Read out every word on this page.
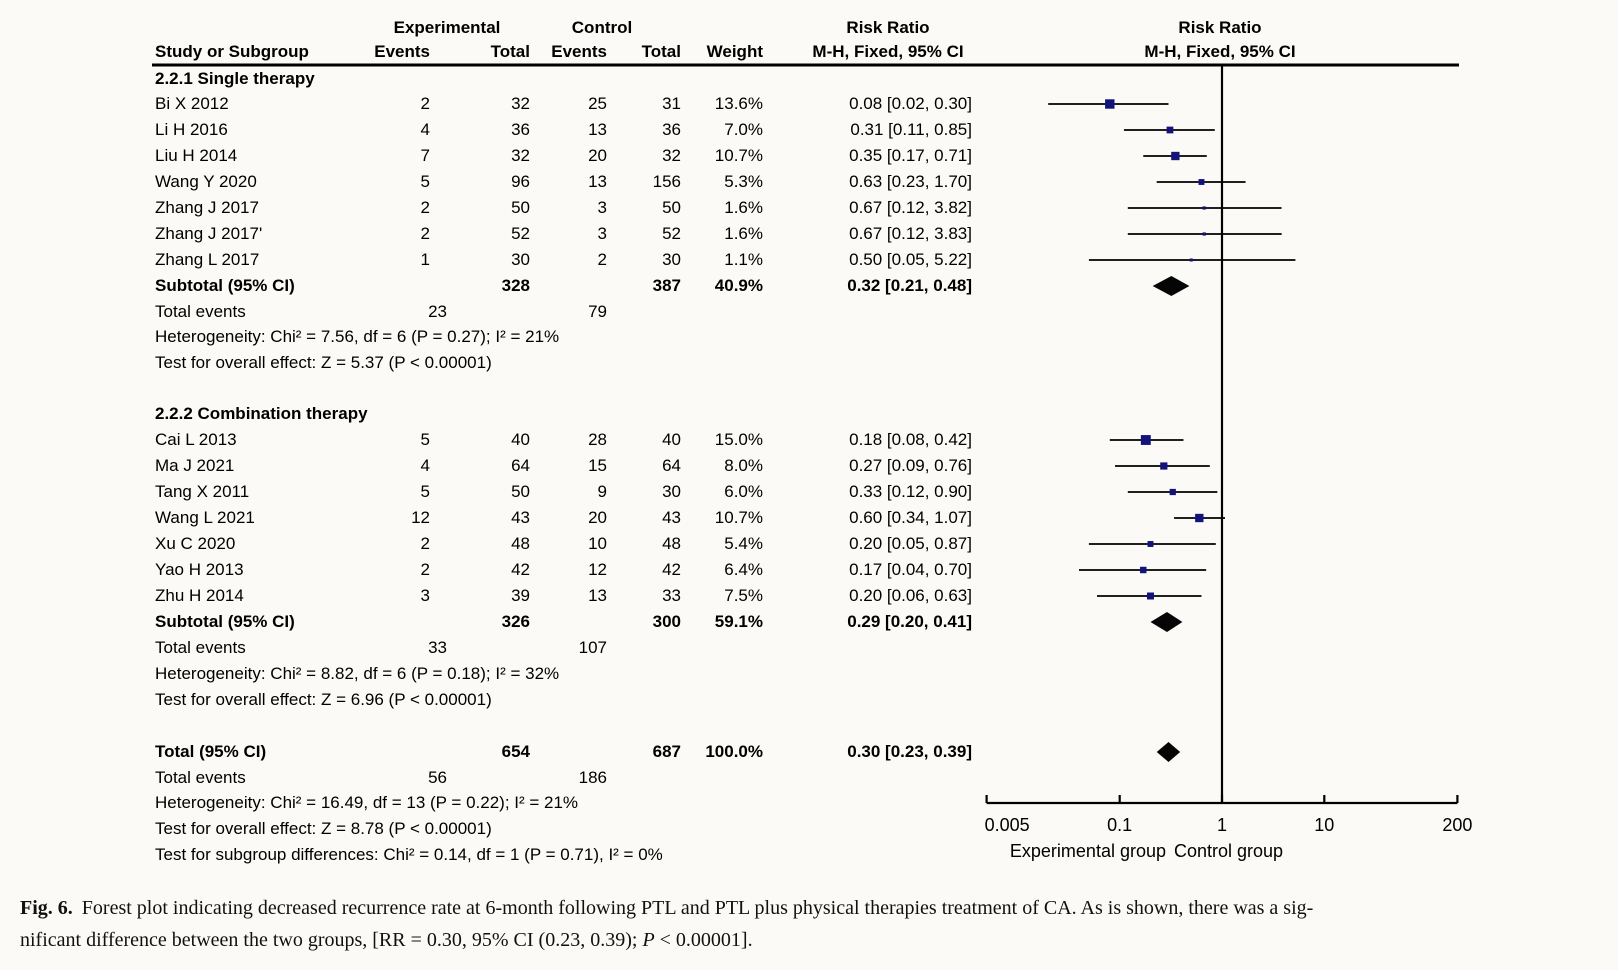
Experimental	Control	Risk Ratio	Risk Ratio
Study or Subgroup	Events	Total	Events	Total	Weight	M-H, Fixed, 95% CI	M-H, Fixed, 95% CI
2.2.1 Single therapy
Bi X 2012	2	32	25	31	13.6%	0.08 [0.02, 0.30]
Li H 2016	4	36	13	36	7.0%	0.31 [0.11, 0.85]
Liu H 2014	7	32	20	32	10.7%	0.35 [0.17, 0.71]
Wang Y 2020	5	96	13	156	5.3%	0.63 [0.23, 1.70]
Zhang J 2017	2	50	3	50	1.6%	0.67 [0.12, 3.82]
Zhang J 2017'	2	52	3	52	1.6%	0.67 [0.12, 3.83]
Zhang L 2017	1	30	2	30	1.1%	0.50 [0.05, 5.22]
Subtotal (95% CI)	328	387	40.9%	0.32 [0.21, 0.48]
Total events	23	79
Heterogeneity: Chi² = 7.56, df = 6 (P = 0.27); I² = 21%
Test for overall effect: Z = 5.37 (P < 0.00001)
2.2.2 Combination therapy
Cai L 2013	5	40	28	40	15.0%	0.18 [0.08, 0.42]
Ma J 2021	4	64	15	64	8.0%	0.27 [0.09, 0.76]
Tang X 2011	5	50	9	30	6.0%	0.33 [0.12, 0.90]
Wang L 2021	12	43	20	43	10.7%	0.60 [0.34, 1.07]
Xu C 2020	2	48	10	48	5.4%	0.20 [0.05, 0.87]
Yao H 2013	2	42	12	42	6.4%	0.17 [0.04, 0.70]
Zhu H 2014	3	39	13	33	7.5%	0.20 [0.06, 0.63]
Subtotal (95% CI)	326	300	59.1%	0.29 [0.20, 0.41]
Total events	33	107
Heterogeneity: Chi² = 8.82, df = 6 (P = 0.18); I² = 32%
Test for overall effect: Z = 6.96 (P < 0.00001)
Total (95% CI)	654	687	100.0%	0.30 [0.23, 0.39]
Total events	56	186
Heterogeneity: Chi² = 16.49, df = 13 (P = 0.22); I² = 21%
Test for overall effect: Z = 8.78 (P < 0.00001)
Test for subgroup differences: Chi² = 0.14, df = 1 (P = 0.71), I² = 0%
0.005	0.1	1	10	200
Experimental group Control group
Fig. 6. Forest plot indicating decreased recurrence rate at 6-month following PTL and PTL plus physical therapies treatment of CA. As is shown, there was a sig-
nificant difference between the two groups, [RR = 0.30, 95% CI (0.23, 0.39); P < 0.00001].
